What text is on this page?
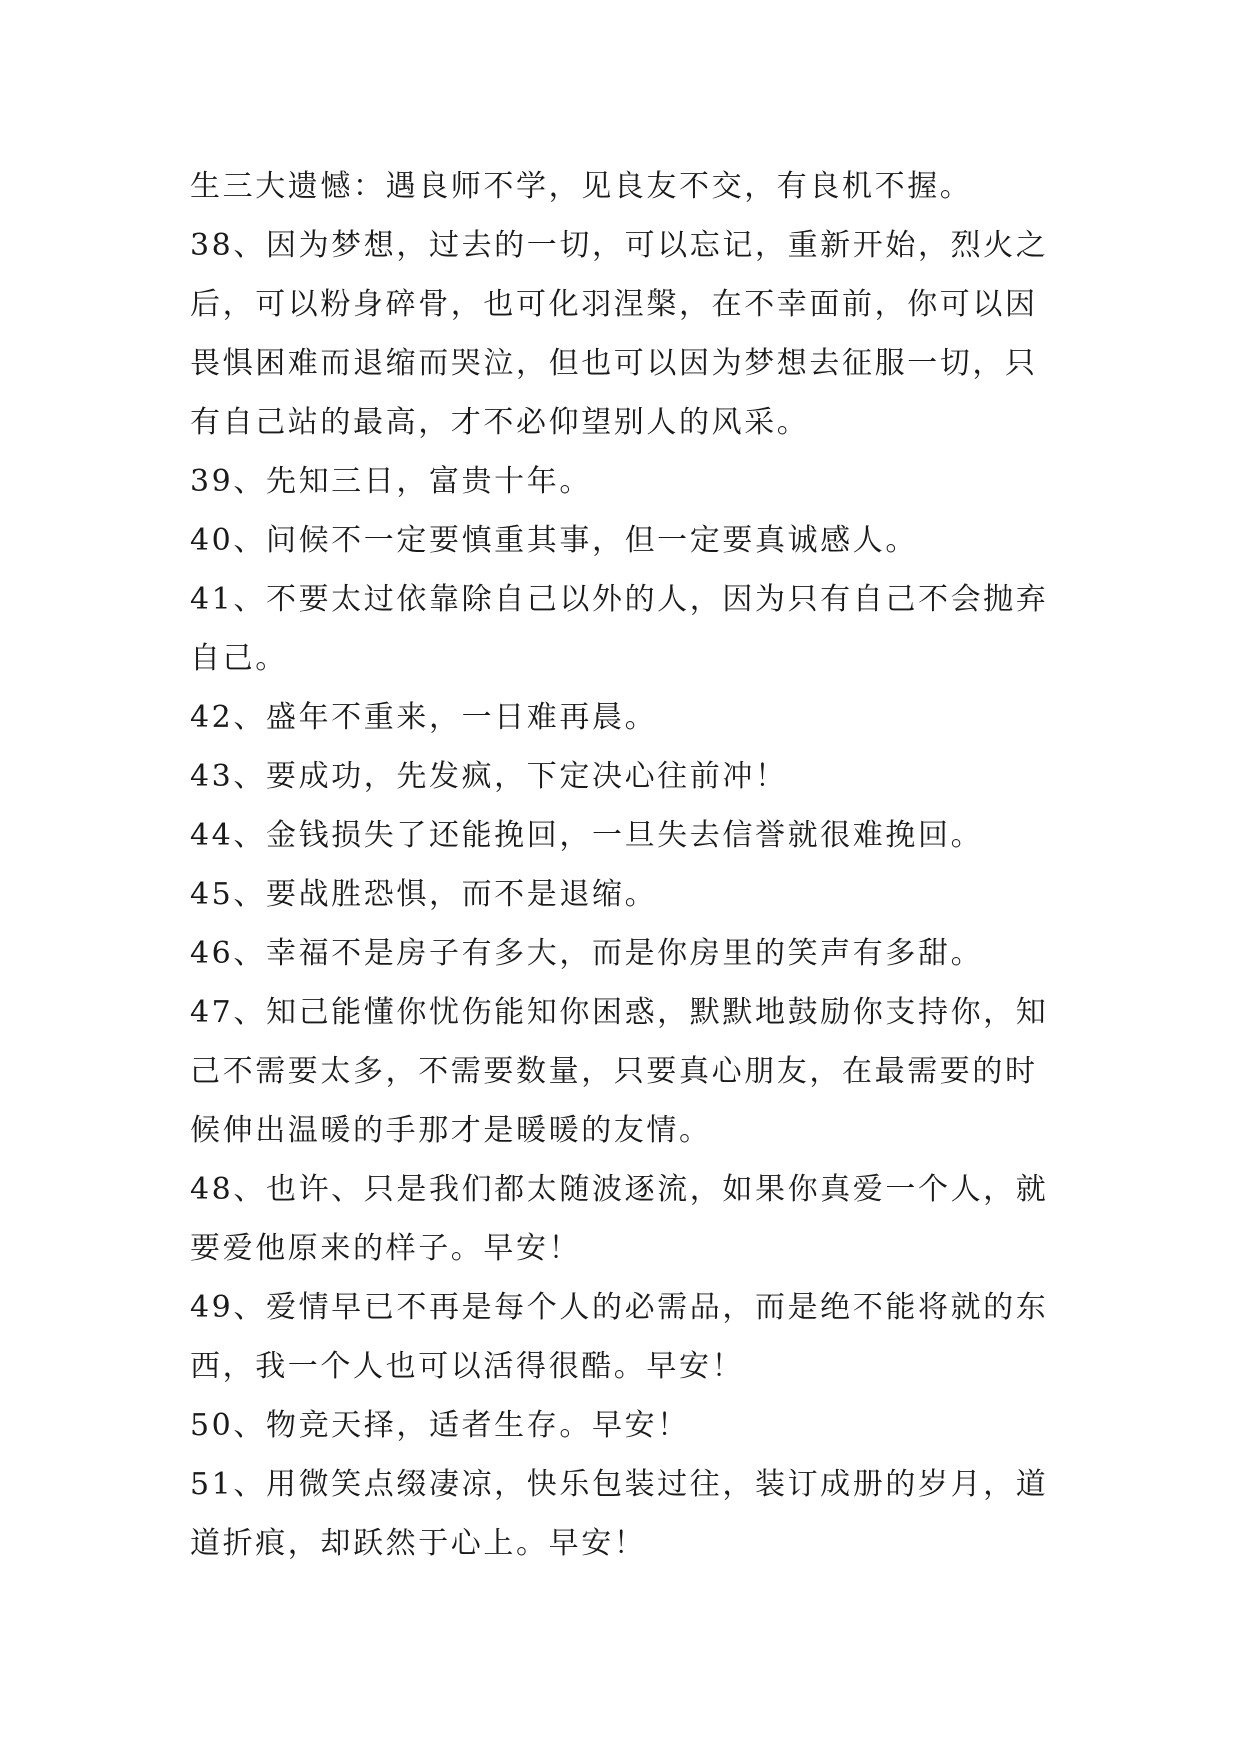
生三大遗憾：遇良师不学，见良友不交，有良机不握。
38、因为梦想，过去的一切，可以忘记，重新开始，烈火之
后，可以粉身碎骨，也可化羽涅槃，在不幸面前，你可以因
畏惧困难而退缩而哭泣，但也可以因为梦想去征服一切，只
有自己站的最高，才不必仰望别人的风采。
39、先知三日，富贵十年。
40、问候不一定要慎重其事，但一定要真诚感人。
41、不要太过依靠除自己以外的人，因为只有自己不会抛弃
自己。
42、盛年不重来，一日难再晨。
43、要成功，先发疯，下定决心往前冲！
44、金钱损失了还能挽回，一旦失去信誉就很难挽回。
45、要战胜恐惧，而不是退缩。
46、幸福不是房子有多大，而是你房里的笑声有多甜。
47、知己能懂你忧伤能知你困惑，默默地鼓励你支持你，知
己不需要太多，不需要数量，只要真心朋友，在最需要的时
候伸出温暖的手那才是暖暖的友情。
48、也许、只是我们都太随波逐流，如果你真爱一个人，就
要爱他原来的样子。早安！
49、爱情早已不再是每个人的必需品，而是绝不能将就的东
西，我一个人也可以活得很酷。早安！
50、物竞天择，适者生存。早安！
51、用微笑点缀凄凉，快乐包装过往，装订成册的岁月，道
道折痕，却跃然于心上。早安！
